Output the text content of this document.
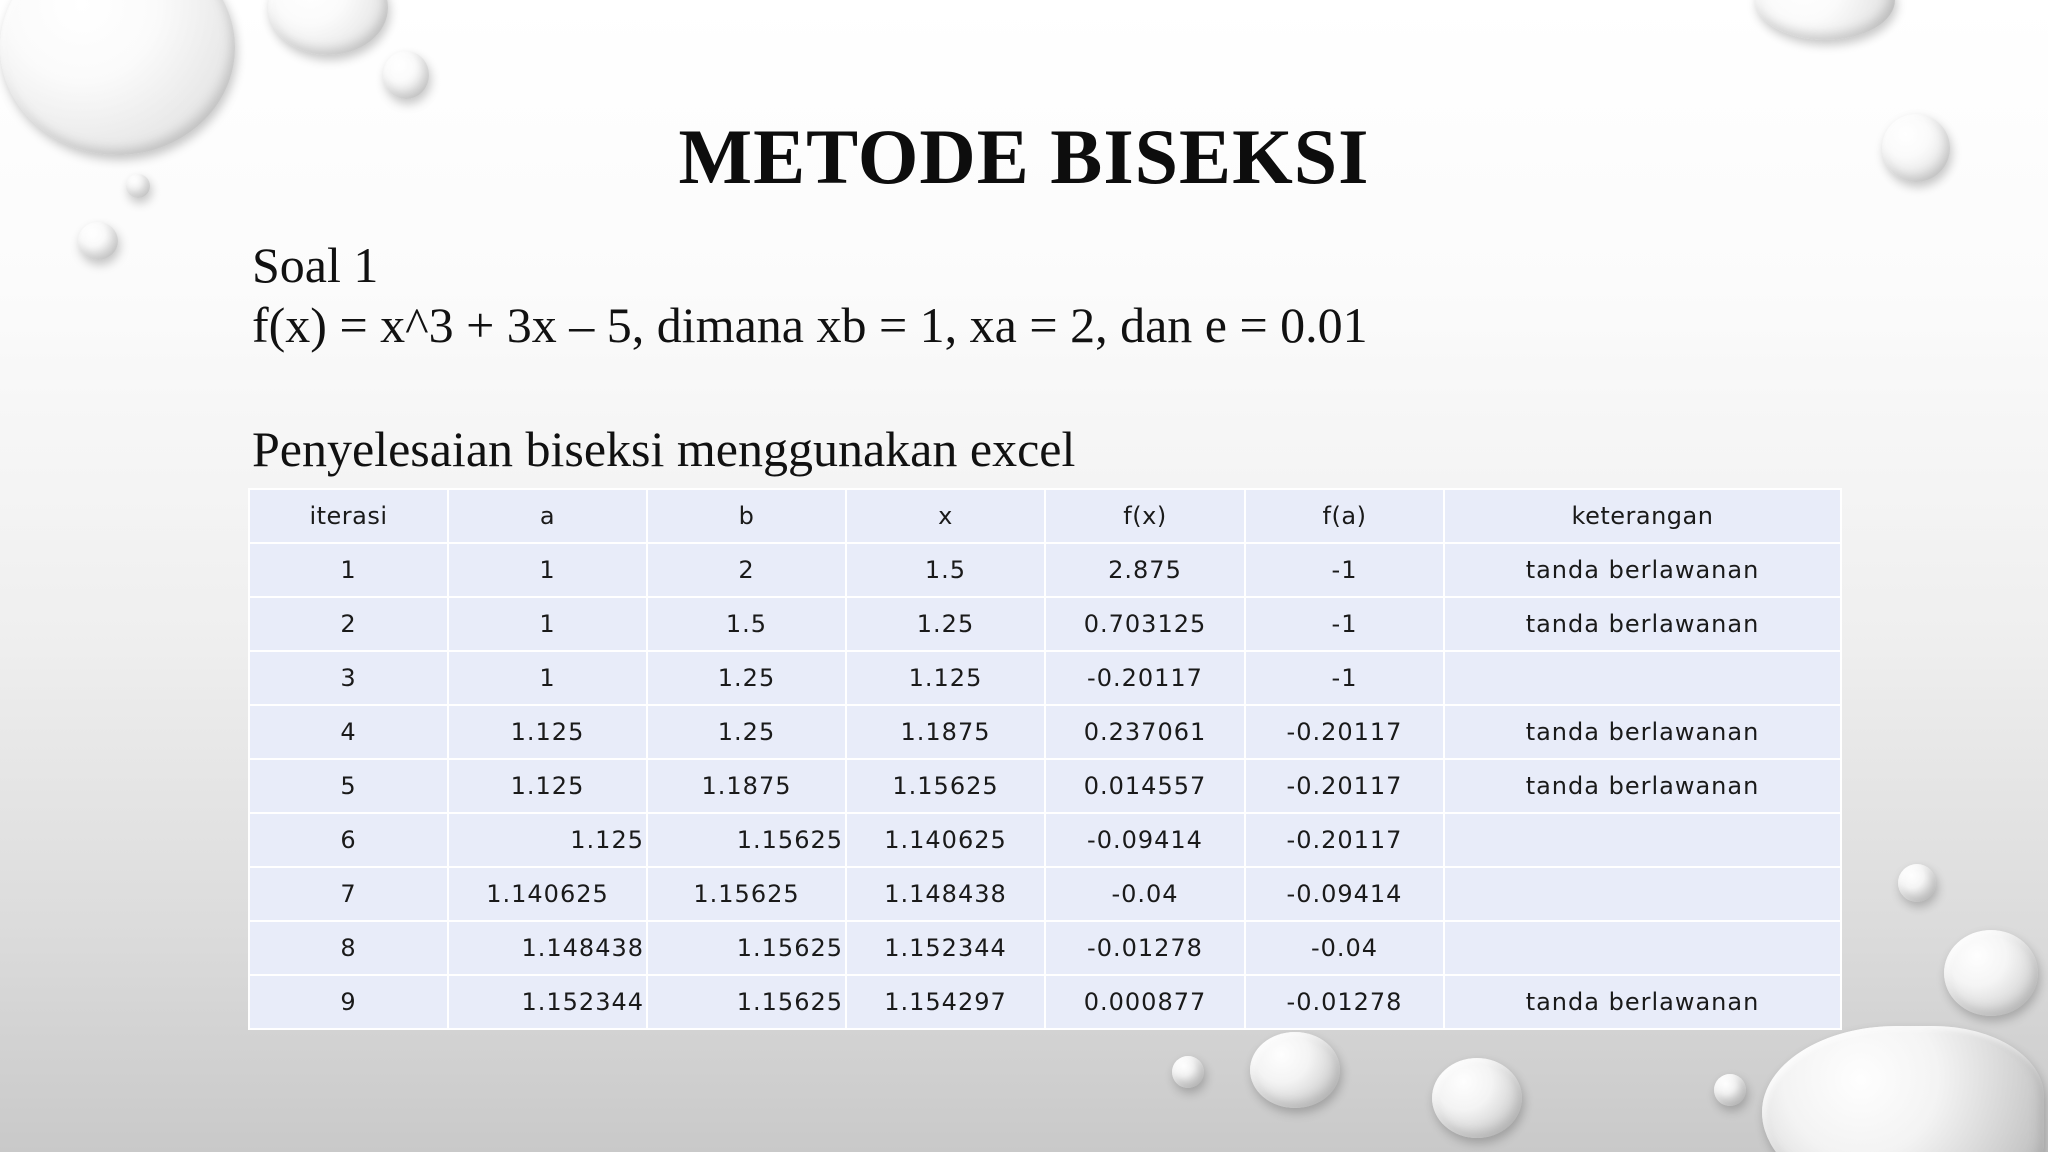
METODE BISEKSI
Soal 1
f(x) = x^3 + 3x – 5, dimana xb = 1, xa = 2, dan e = 0.01
Penyelesaian biseksi menggunakan excel
iterasi	a	b	x	f(x)	f(a)	keterangan
1	1	2	1.5	2.875	-1	tanda berlawanan
2	1	1.5	1.25	0.703125	-1	tanda berlawanan
3	1	1.25	1.125	-0.20117	-1	
4	1.125	1.25	1.1875	0.237061	-0.20117	tanda berlawanan
5	1.125	1.1875	1.15625	0.014557	-0.20117	tanda berlawanan
6	1.125	1.15625	1.140625	-0.09414	-0.20117	
7	1.140625	1.15625	1.148438	-0.04	-0.09414	
8	1.148438	1.15625	1.152344	-0.01278	-0.04	
9	1.152344	1.15625	1.154297	0.000877	-0.01278	tanda berlawanan
